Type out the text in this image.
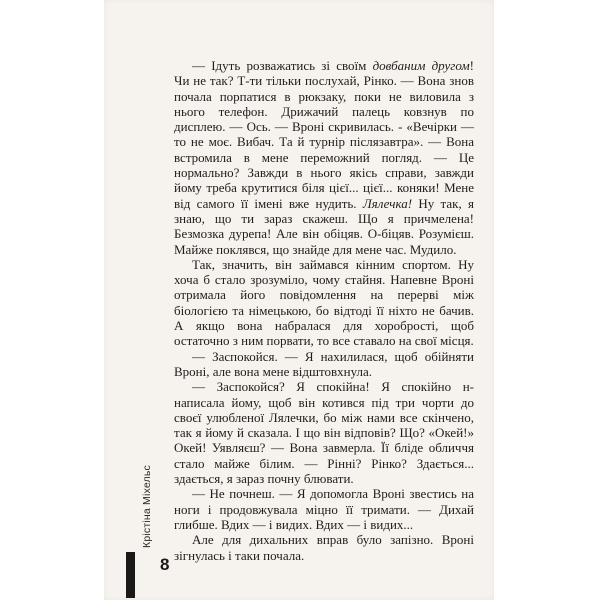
— Ідуть розважатись зі своїм довбаним другом! Чи не так? Т-ти тільки послухай, Рінко. — Вона знов почала порпатися в рюкзаку, поки не виловила з нього телефон. Дрижачий палець ковзнув по дисплею. — Ось. — Вроні скривилась. - «Вечірки — то не моє. Вибач. Та й турнір післязавтра». — Вона встромила в мене переможний погляд. — Це нормально? Завжди в нього якісь справи, завжди йому треба крутитися біля цієї... цієї... коняки! Мене від самого її імені вже нудить. Лялечка! Ну так, я знаю, що ти зараз скажеш. Що я причмелена! Безмозка дурепа! Але він обіцяв. О-біцяв. Розумієш. Майже поклявся, що знайде для мене час. Мудило.

Так, значить, він займався кінним спортом. Ну хоча б стало зрозуміло, чому стайня. Напевне Вроні отримала його повідомлення на перерві між біологією та німецькою, бо відтоді її ніхто не бачив. А якщо вона набралася для хоробрості, щоб остаточно з ним порвати, то все ставало на свої місця.

— Заспокойся. — Я нахилилася, щоб обійняти Вроні, але вона мене відштовхнула.

— Заспокойся? Я спокійна! Я спокійно н-написала йому, щоб він котився під три чорти до своєї улюбленої Лялечки, бо між нами все скінчено, так я йому й сказала. І що він відповів? Що? «Окей!» Окей! Уявляєш? — Вона завмерла. Її бліде обличчя стало майже білим. — Рінні? Рінко? Здається... здається, я зараз почну блювати.

— Не почнеш. — Я допомогла Вроні звестись на ноги і продовжувала міцно її тримати. — Дихай глибше. Вдих — і видих. Вдих — і видих...

Але для дихальних вправ було запізно. Вроні зігнулась і таки почала.

Крістіна Міхельс
8
